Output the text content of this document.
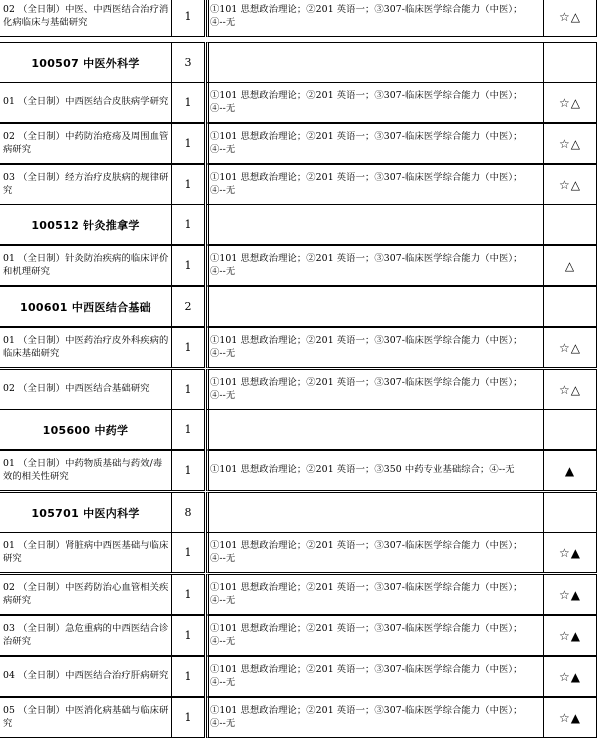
02 （全日制）中医、中西医结合治疗消化病临床与基础研究	1
①101 思想政治理论；②201 英语一；③307-临床医学综合能力（中医）；④--无	☆△
100507 中医外科学	3
01 （全日制）中西医结合皮肤病学研究 1
①101 思想政治理论；②201 英语一；③307-临床医学综合能力（中医）；④--无	☆△
02 （全日制）中药防治疮疡及周围血管病研究	1
①101 思想政治理论；②201 英语一；③307-临床医学综合能力（中医）；④--无	☆△
03 （全日制）经方治疗皮肤病的规律研究	1
①101 思想政治理论；②201 英语一；③307-临床医学综合能力（中医）；④--无	☆△
100512 针灸推拿学	1
01 （全日制）针灸防治疾病的临床评价和机理研究	1
①101 思想政治理论；②201 英语一；③307-临床医学综合能力（中医）；④--无	△
100601 中西医结合基础	2
01 （全日制）中医药治疗皮外科疾病的临床基础研究	1
①101 思想政治理论；②201 英语一；③307-临床医学综合能力（中医）；④--无	☆△
02 （全日制）中西医结合基础研究	1
①101 思想政治理论；②201 英语一；③307-临床医学综合能力（中医）；④--无	☆△
105600 中药学	1
01 （全日制）中药物质基础与药效/毒效的相关性研究	1 ①101 思想政治理论；②201 英语一；③350 中药专业基础综合；④--无	▲
105701 中医内科学	8
01 （全日制）肾脏病中西医基础与临床研究	1
①101 思想政治理论；②201 英语一；③307-临床医学综合能力（中医）；④--无	☆▲
02 （全日制）中医药防治心血管相关疾病研究	1
①101 思想政治理论；②201 英语一；③307-临床医学综合能力（中医）；④--无	☆▲
03 （全日制）急危重病的中西医结合诊治研究	1
①101 思想政治理论；②201 英语一；③307-临床医学综合能力（中医）；④--无	☆▲
04 （全日制）中西医结合治疗肝病研究 1
①101 思想政治理论；②201 英语一；③307-临床医学综合能力（中医）；④--无	☆▲
05 （全日制）中医消化病基础与临床研究	1
①101 思想政治理论；②201 英语一；③307-临床医学综合能力（中医）；④--无	☆▲
